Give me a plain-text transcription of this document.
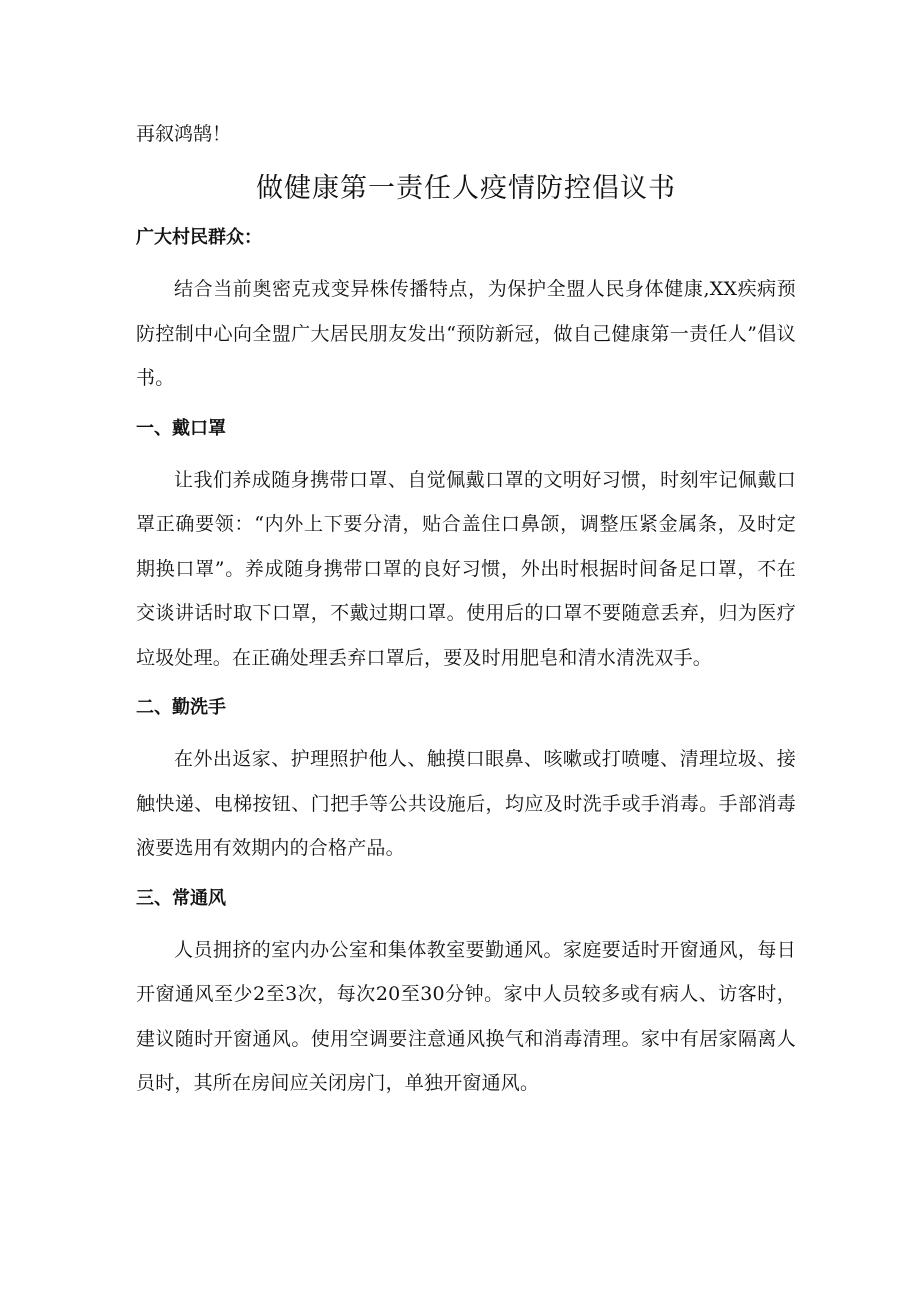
再叙鸿鹄！

做健康第一责任人疫情防控倡议书

广大村民群众：

结合当前奥密克戎变异株传播特点，为保护全盟人民身体健康,XX疾病预防控制中心向全盟广大居民朋友发出“预防新冠，做自己健康第一责任人”倡议书。

一、戴口罩

让我们养成随身携带口罩、自觉佩戴口罩的文明好习惯，时刻牢记佩戴口罩正确要领：“内外上下要分清，贴合盖住口鼻颌，调整压紧金属条，及时定期换口罩”。养成随身携带口罩的良好习惯，外出时根据时间备足口罩，不在交谈讲话时取下口罩，不戴过期口罩。使用后的口罩不要随意丢弃，归为医疗垃圾处理。在正确处理丢弃口罩后，要及时用肥皂和清水清洗双手。

二、勤洗手

在外出返家、护理照护他人、触摸口眼鼻、咳嗽或打喷嚏、清理垃圾、接触快递、电梯按钮、门把手等公共设施后，均应及时洗手或手消毒。手部消毒液要选用有效期内的合格产品。

三、常通风

人员拥挤的室内办公室和集体教室要勤通风。家庭要适时开窗通风，每日开窗通风至少2至3次，每次20至30分钟。家中人员较多或有病人、访客时，建议随时开窗通风。使用空调要注意通风换气和消毒清理。家中有居家隔离人员时，其所在房间应关闭房门，单独开窗通风。
